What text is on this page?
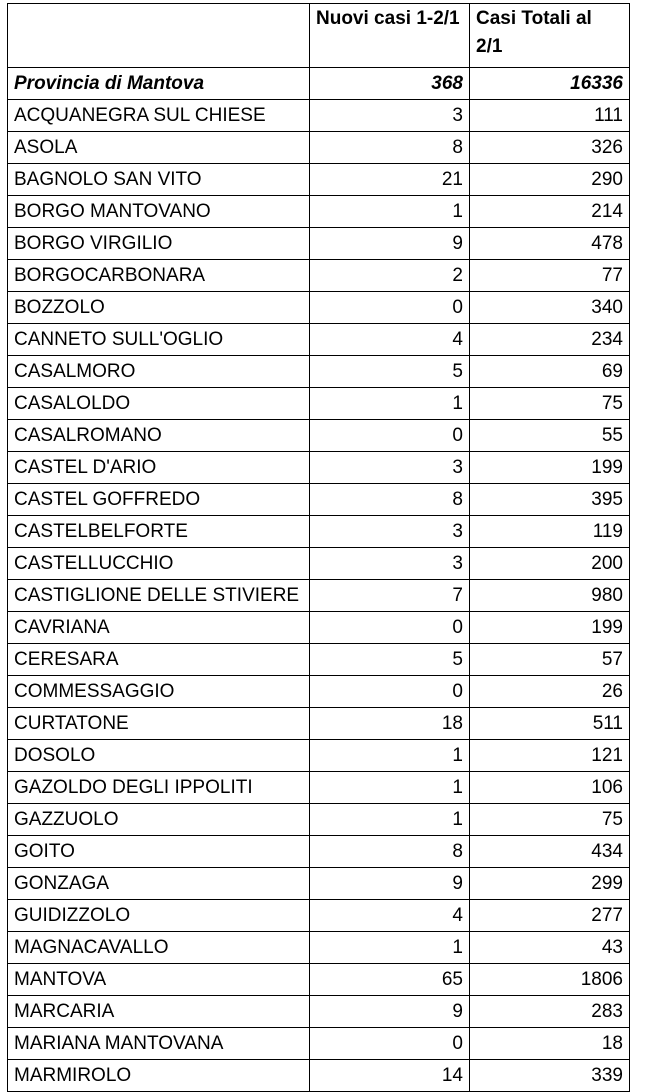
	Nuovi casi 1-2/1	Casi Totali al 2/1
Provincia di Mantova	368	16336
ACQUANEGRA SUL CHIESE	3	111
ASOLA	8	326
BAGNOLO SAN VITO	21	290
BORGO MANTOVANO	1	214
BORGO VIRGILIO	9	478
BORGOCARBONARA	2	77
BOZZOLO	0	340
CANNETO SULL'OGLIO	4	234
CASALMORO	5	69
CASALOLDO	1	75
CASALROMANO	0	55
CASTEL D'ARIO	3	199
CASTEL GOFFREDO	8	395
CASTELBELFORTE	3	119
CASTELLUCCHIO	3	200
CASTIGLIONE DELLE STIVIERE	7	980
CAVRIANA	0	199
CERESARA	5	57
COMMESSAGGIO	0	26
CURTATONE	18	511
DOSOLO	1	121
GAZOLDO DEGLI IPPOLITI	1	106
GAZZUOLO	1	75
GOITO	8	434
GONZAGA	9	299
GUIDIZZOLO	4	277
MAGNACAVALLO	1	43
MANTOVA	65	1806
MARCARIA	9	283
MARIANA MANTOVANA	0	18
MARMIROLO	14	339
